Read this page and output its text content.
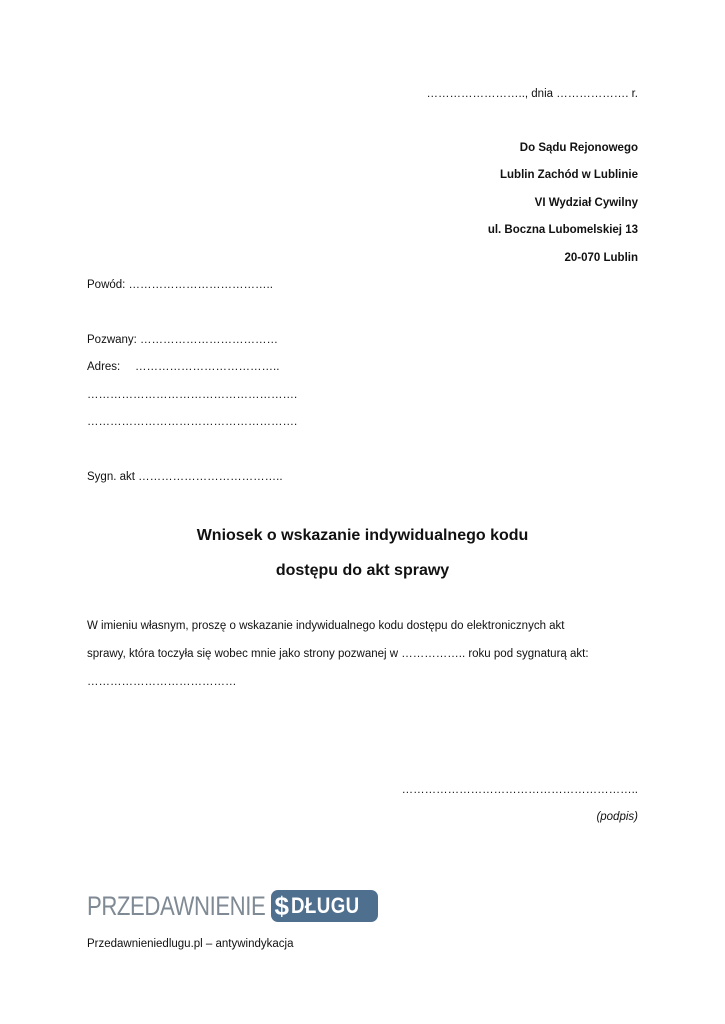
…………………….., dnia ………………. r.
Do Sądu Rejonowego
Lublin Zachód w Lublinie
VI Wydział Cywilny
ul. Boczna Lubomelskiej 13
20-070 Lublin
Powód: ………………………………..
Pozwany: ………………………………
Adres: ………………………………..
……………………………………………….
……………………………………………….
Sygn. akt ………………………………..
Wniosek o wskazanie indywidualnego kodu
dostępu do akt sprawy
W imieniu własnym, proszę o wskazanie indywidualnego kodu dostępu do elektronicznych akt
sprawy, która toczyła się wobec mnie jako strony pozwanej w …………….. roku pod sygnaturą akt:
…………………………………
……………………………………………………..
(podpis)
PRZEDAWNIENIE $ DŁUGU
Przedawnieniedlugu.pl – antywindykacja
